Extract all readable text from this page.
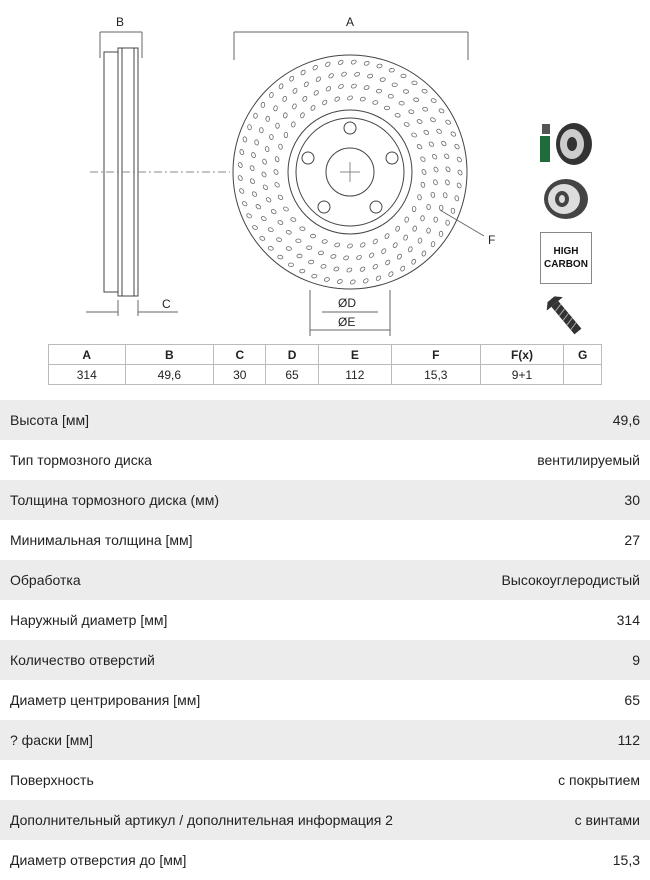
B
C
A
ØD
ØE
F
HIGH
CARBON
A	B	C	D	E	F	F(x)	G
314	49,6	30	65	112	15,3	9+1	
Высота [мм]	49,6
Тип тормозного диска	вентилируемый
Толщина тормозного диска (мм)	30
Минимальная толщина [мм]	27
Обработка	Высокоуглеродистый
Наружный диаметр [мм]	314
Количество отверстий	9
Диаметр центрирования [мм]	65
? фаски [мм]	112
Поверхность	с покрытием
Дополнительный артикул / дополнительная информация 2	с винтами
Диаметр отверстия до [мм]	15,3
